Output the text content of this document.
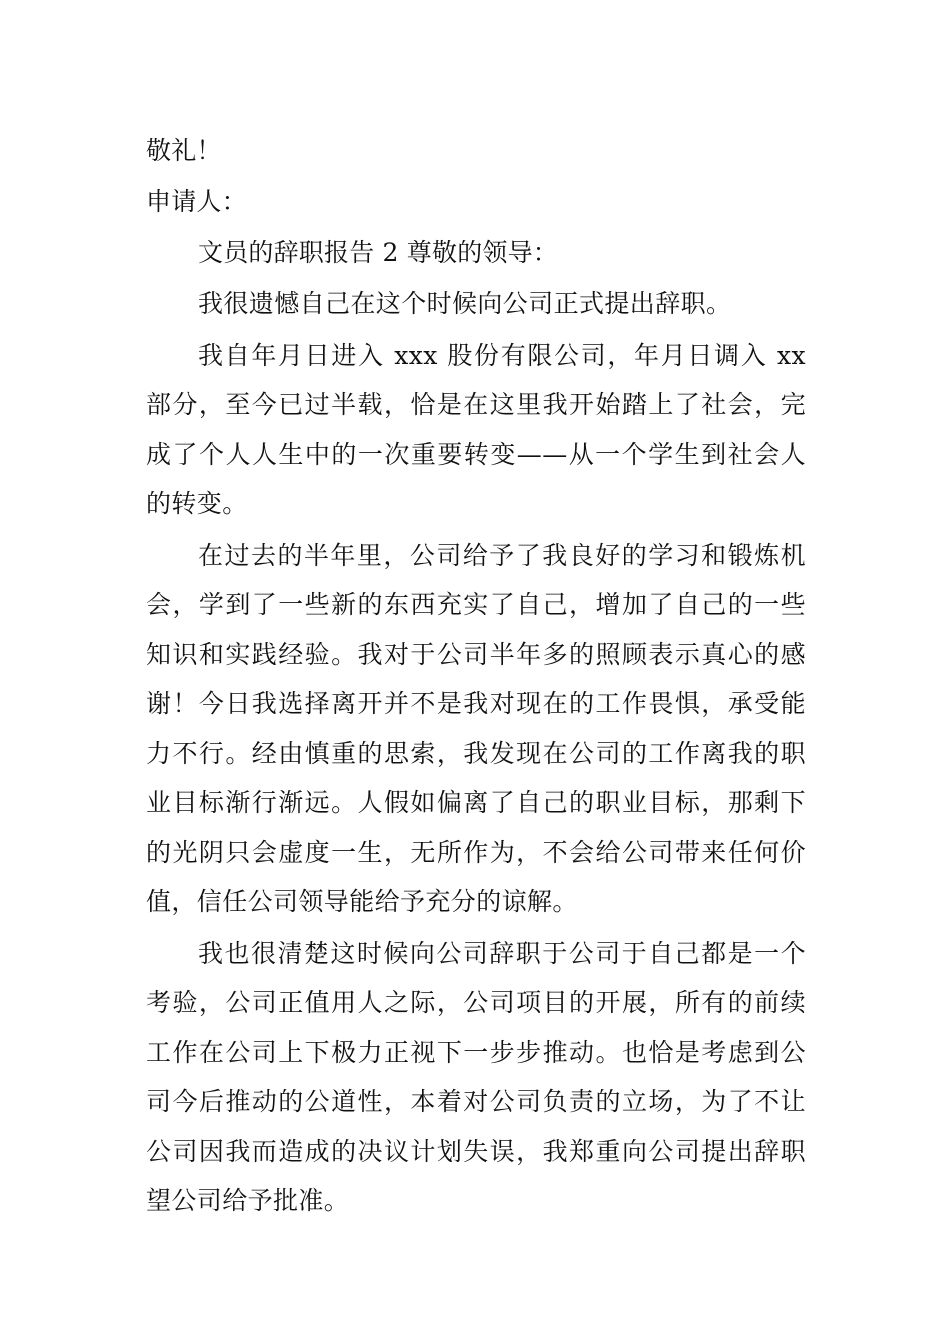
敬礼！
申请人：
文员的辞职报告 2 尊敬的领导：

我很遗憾自己在这个时候向公司正式提出辞职。

我自年月日进入 xxx 股份有限公司，年月日调入 xx 部分，至今已过半载，恰是在这里我开始踏上了社会，完成了个人人生中的一次重要转变——从一个学生到社会人的转变。

在过去的半年里，公司给予了我良好的学习和锻炼机会，学到了一些新的东西充实了自己，增加了自己的一些知识和实践经验。我对于公司半年多的照顾表示真心的感谢！今日我选择离开并不是我对现在的工作畏惧，承受能力不行。经由慎重的思索，我发现在公司的工作离我的职业目标渐行渐远。人假如偏离了自己的职业目标，那剩下的光阴只会虚度一生，无所作为，不会给公司带来任何价值，信任公司领导能给予充分的谅解。

我也很清楚这时候向公司辞职于公司于自己都是一个考验，公司正值用人之际，公司项目的开展，所有的前续工作在公司上下极力正视下一步步推动。也恰是考虑到公司今后推动的公道性，本着对公司负责的立场，为了不让公司因我而造成的决议计划失误，我郑重向公司提出辞职望公司给予批准。
